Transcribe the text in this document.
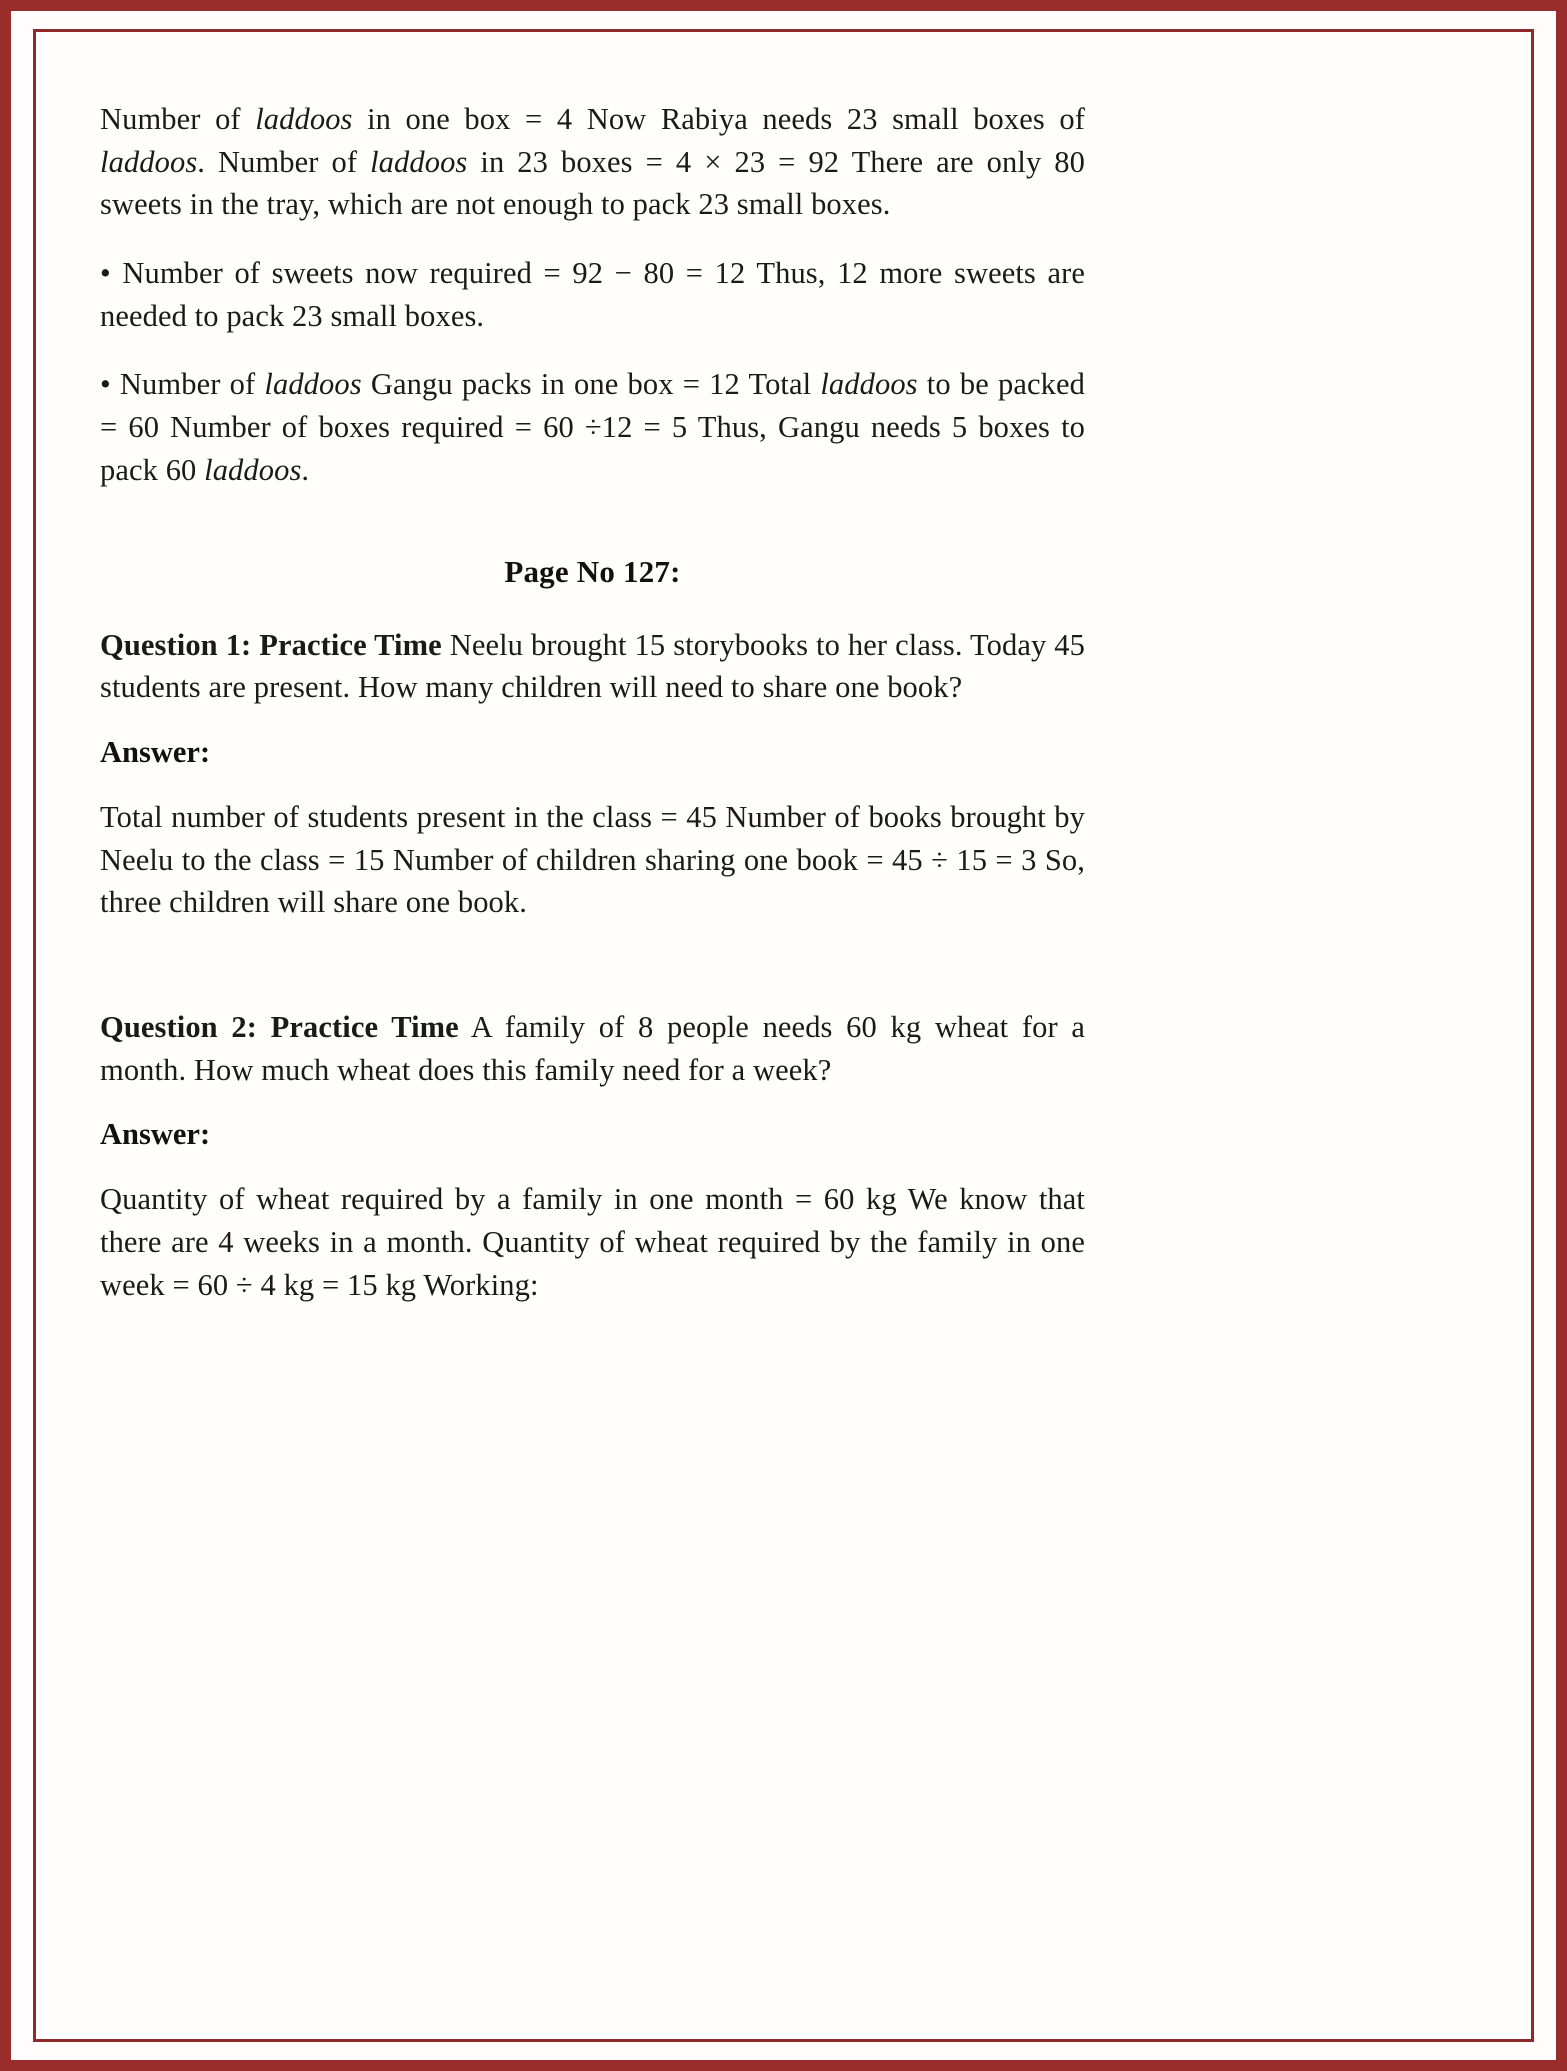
Number of laddoos in one box = 4 Now Rabiya needs 23 small boxes of laddoos. Number of laddoos in 23 boxes = 4 × 23 = 92 There are only 80 sweets in the tray, which are not enough to pack 23 small boxes.

• Number of sweets now required = 92 − 80 = 12 Thus, 12 more sweets are needed to pack 23 small boxes.

• Number of laddoos Gangu packs in one box = 12 Total laddoos to be packed = 60 Number of boxes required = 60 ÷12 = 5 Thus, Gangu needs 5 boxes to pack 60 laddoos.

Page No 127:

Question 1: Practice Time Neelu brought 15 storybooks to her class. Today 45 students are present. How many children will need to share one book?

Answer:

Total number of students present in the class = 45 Number of books brought by Neelu to the class = 15 Number of children sharing one book = 45 ÷ 15 = 3 So, three children will share one book.

Question 2: Practice Time A family of 8 people needs 60 kg wheat for a month. How much wheat does this family need for a week?

Answer:

Quantity of wheat required by a family in one month = 60 kg We know that there are 4 weeks in a month. Quantity of wheat required by the family in one week = 60 ÷ 4 kg = 15 kg Working:
